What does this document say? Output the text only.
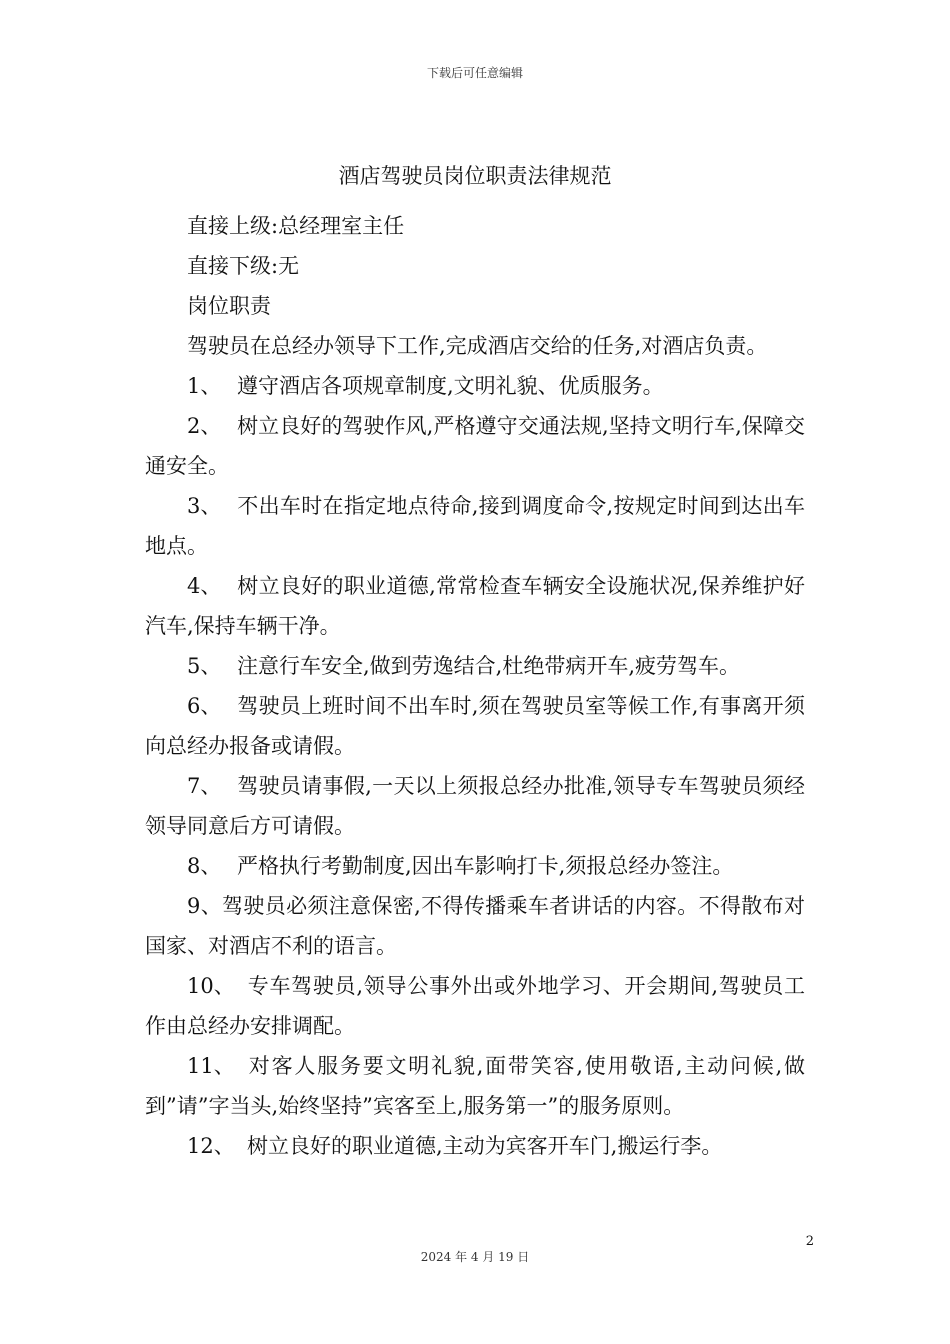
下载后可任意编辑
酒店驾驶员岗位职责法律规范

直接上级:总经理室主任

直接下级:无

岗位职责

驾驶员在总经办领导下工作,完成酒店交给的任务,对酒店负责。

1、 遵守酒店各项规章制度,文明礼貌、优质服务。

2、 树立良好的驾驶作风,严格遵守交通法规,坚持文明行车,保障交通安全。

3、 不出车时在指定地点待命,接到调度命令,按规定时间到达出车地点。

4、 树立良好的职业道德,常常检查车辆安全设施状况,保养维护好汽车,保持车辆干净。

5、 注意行车安全,做到劳逸结合,杜绝带病开车,疲劳驾车。

6、 驾驶员上班时间不出车时,须在驾驶员室等候工作,有事离开须向总经办报备或请假。

7、 驾驶员请事假,一天以上须报总经办批准,领导专车驾驶员须经领导同意后方可请假。

8、 严格执行考勤制度,因出车影响打卡,须报总经办签注。

9、驾驶员必须注意保密,不得传播乘车者讲话的内容。不得散布对国家、对酒店不利的语言。

10、 专车驾驶员,领导公事外出或外地学习、开会期间,驾驶员工作由总经办安排调配。

11、 对客人服务要文明礼貌,面带笑容,使用敬语,主动问候,做到”请”字当头,始终坚持”宾客至上,服务第一”的服务原则。

12、 树立良好的职业道德,主动为宾客开车门,搬运行李。

2
2024 年 4 月 19 日
